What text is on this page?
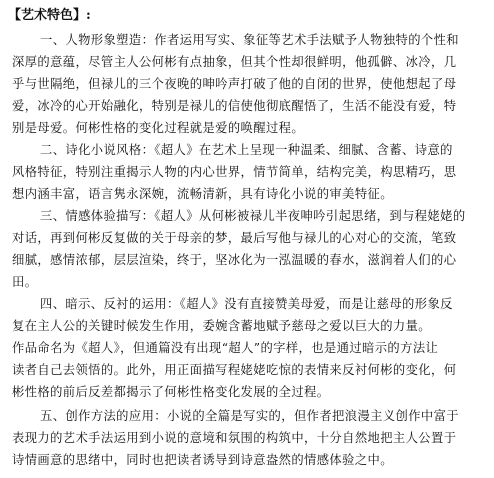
【艺术特色】:
一、人物形象塑造：作者运用写实、象征等艺术手法赋予人物独特的个性和
深厚的意蕴，尽管主人公何彬有点抽象，但其个性却很鲜明，他孤僻、冰冷，几
乎与世隔绝，但禄儿的三个夜晚的呻吟声打破了他的自闭的世界，使他想起了母
爱，冰冷的心开始融化，特别是禄儿的信使他彻底醒悟了，生活不能没有爱，特
别是母爱。何彬性格的变化过程就是爱的唤醒过程。
二、诗化小说风格：《超人》在艺术上呈现一种温柔、细腻、含蓄、诗意的
风格特征，特别注重揭示人物的内心世界，情节简单，结构完美，构思精巧，思
想内涵丰富，语言隽永深婉，流畅清新，具有诗化小说的审美特征。
三、情感体验描写：《超人》从何彬被禄儿半夜呻吟引起思绪，到与程姥姥的
对话，再到何彬反复做的关于母亲的梦，最后写他与禄儿的心对心的交流，笔致
细腻，感情浓郁，层层渲染，终于，坚冰化为一泓温暖的春水，滋润着人们的心
田。
四、暗示、反衬的运用：《超人》没有直接赞美母爱，而是让慈母的形象反
复在主人公的关键时候发生作用，委婉含蓄地赋予慈母之爱以巨大的力量。
作品命名为《超人》，但通篇没有出现“超人”的字样，也是通过暗示的方法让
读者自己去领悟的。此外，用正面描写程姥姥吃惊的表情来反衬何彬的变化，何
彬性格的前后反差都揭示了何彬性格变化发展的全过程。
五、创作方法的应用：小说的全篇是写实的，但作者把浪漫主义创作中富于
表现力的艺术手法运用到小说的意境和氛围的构筑中，十分自然地把主人公置于
诗情画意的思绪中，同时也把读者诱导到诗意盎然的情感体验之中。
